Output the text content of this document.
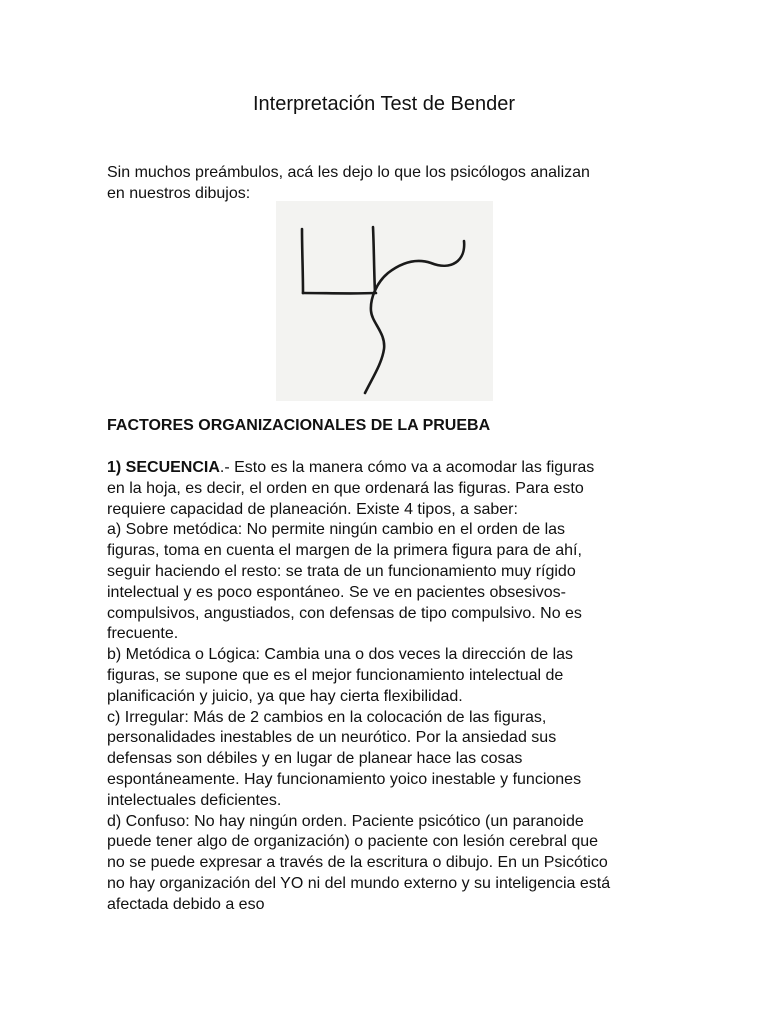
Interpretación Test de Bender
Sin muchos preámbulos, acá les dejo lo que los psicólogos analizan
en nuestros dibujos:
FACTORES ORGANIZACIONALES DE LA PRUEBA
1) SECUENCIA.- Esto es la manera cómo va a acomodar las figuras
en la hoja, es decir, el orden en que ordenará las figuras. Para esto
requiere capacidad de planeación. Existe 4 tipos, a saber:
a) Sobre metódica: No permite ningún cambio en el orden de las
figuras, toma en cuenta el margen de la primera figura para de ahí,
seguir haciendo el resto: se trata de un funcionamiento muy rígido
intelectual y es poco espontáneo. Se ve en pacientes obsesivos-
compulsivos, angustiados, con defensas de tipo compulsivo. No es
frecuente.
b) Metódica o Lógica: Cambia una o dos veces la dirección de las
figuras, se supone que es el mejor funcionamiento intelectual de
planificación y juicio, ya que hay cierta flexibilidad.
c) Irregular: Más de 2 cambios en la colocación de las figuras,
personalidades inestables de un neurótico. Por la ansiedad sus
defensas son débiles y en lugar de planear hace las cosas
espontáneamente. Hay funcionamiento yoico inestable y funciones
intelectuales deficientes.
d) Confuso: No hay ningún orden. Paciente psicótico (un paranoide
puede tener algo de organización) o paciente con lesión cerebral que
no se puede expresar a través de la escritura o dibujo. En un Psicótico
no hay organización del YO ni del mundo externo y su inteligencia está
afectada debido a eso
